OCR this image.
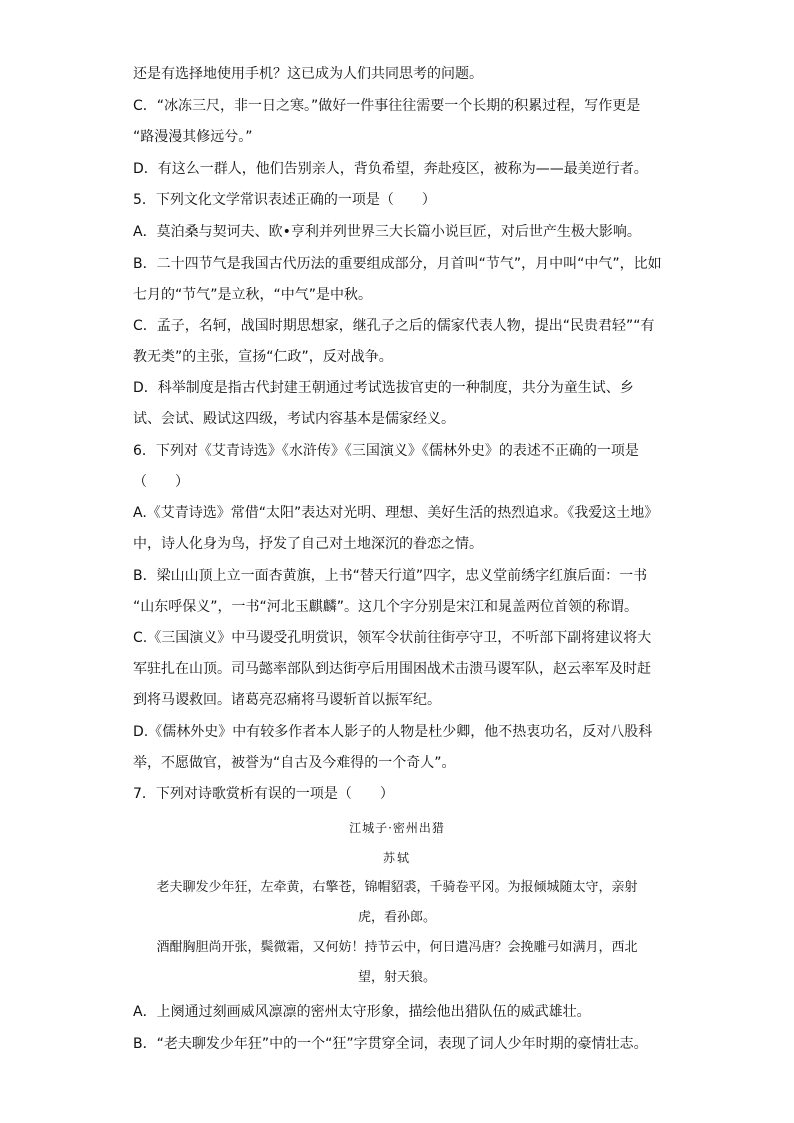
还是有选择地使用手机？这已成为人们共同思考的问题。
C．“冰冻三尺，非一日之寒。”做好一件事往往需要一个长期的积累过程，写作更是
“路漫漫其修远兮。”
D．有这么一群人，他们告别亲人，背负希望，奔赴疫区，被称为——最美逆行者。
5．下列文化文学常识表述正确的一项是（　　）
A．莫泊桑与契诃夫、欧•亨利并列世界三大长篇小说巨匠，对后世产生极大影响。
B．二十四节气是我国古代历法的重要组成部分，月首叫“节气”，月中叫“中气”，比如
七月的“节气”是立秋，“中气”是中秋。
C．孟子，名轲，战国时期思想家，继孔子之后的儒家代表人物，提出“民贵君轻”“有
教无类”的主张，宣扬“仁政”，反对战争。
D．科举制度是指古代封建王朝通过考试选拔官吏的一种制度，共分为童生试、乡
试、会试、殿试这四级，考试内容基本是儒家经义。
6．下列对《艾青诗选》《水浒传》《三国演义》《儒林外史》的表述不正确的一项是
（　　）
A.《艾青诗选》常借“太阳”表达对光明、理想、美好生活的热烈追求。《我爱这土地》
中，诗人化身为鸟，抒发了自己对土地深沉的眷恋之情。
B．梁山山顶上立一面杏黄旗，上书“替天行道”四字，忠义堂前绣字红旗后面：一书
“山东呼保义”，一书“河北玉麒麟”。这几个字分别是宋江和晁盖两位首领的称谓。
C.《三国演义》中马谡受孔明赏识，领军令状前往街亭守卫，不听部下副将建议将大
军驻扎在山顶。司马懿率部队到达街亭后用围困战术击溃马谡军队，赵云率军及时赶
到将马谡救回。诸葛亮忍痛将马谡斩首以振军纪。
D.《儒林外史》中有较多作者本人影子的人物是杜少卿，他不热衷功名，反对八股科
举，不愿做官，被誉为“自古及今难得的一个奇人”。
7．下列对诗歌赏析有误的一项是（　　）
江城子·密州出猎
苏轼
老夫聊发少年狂，左牵黄，右擎苍，锦帽貂裘，千骑卷平冈。为报倾城随太守，亲射
虎，看孙郎。
酒酣胸胆尚开张，鬓微霜，又何妨！持节云中，何日遣冯唐？会挽雕弓如满月，西北
望，射天狼。
A．上阕通过刻画威风凛凛的密州太守形象，描绘他出猎队伍的威武雄壮。
B．“老夫聊发少年狂”中的一个“狂”字贯穿全词，表现了词人少年时期的豪情壮志。
